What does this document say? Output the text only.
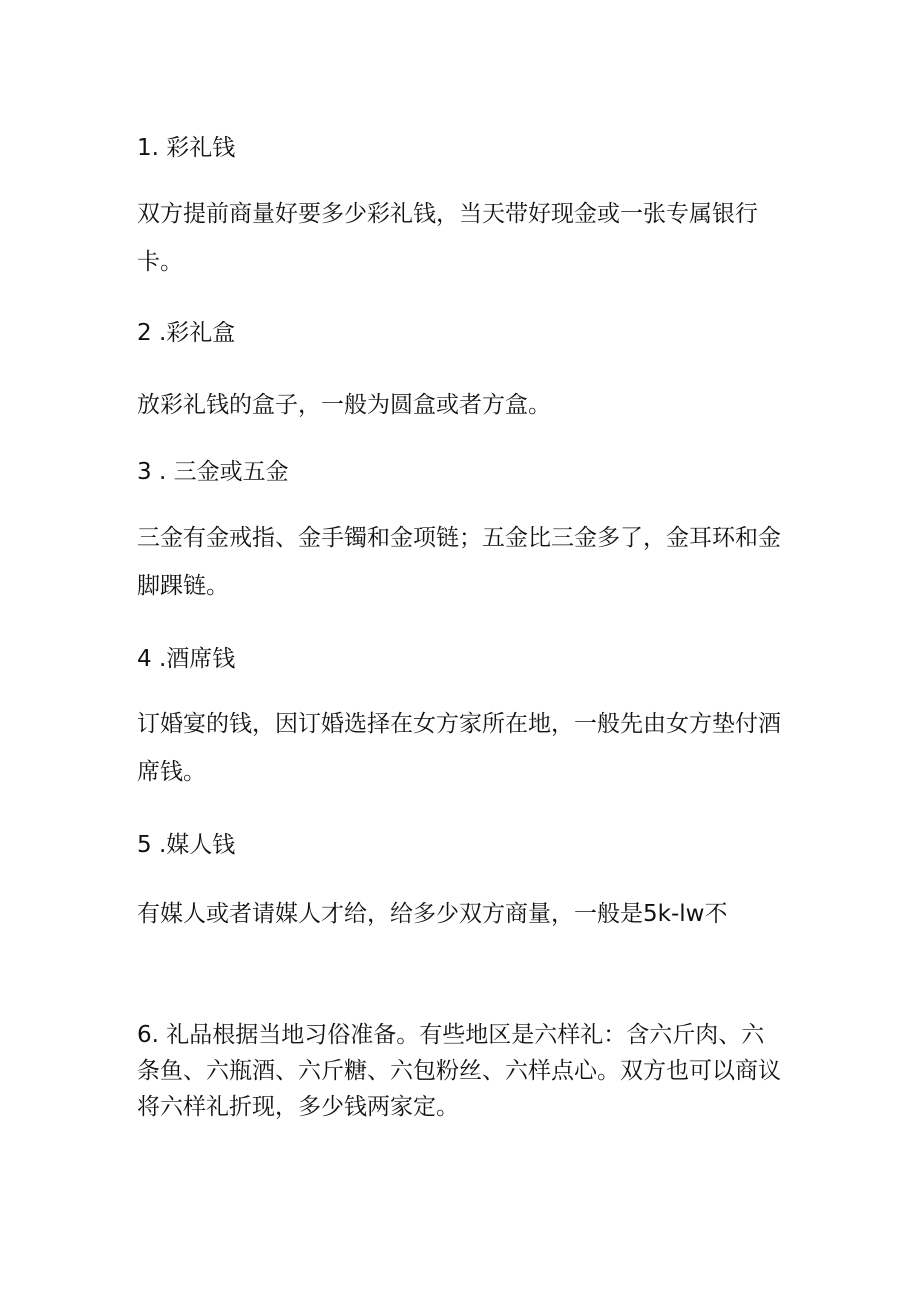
1. 彩礼钱

双方提前商量好要多少彩礼钱，当天带好现金或一张专属银行卡。

2 .彩礼盒

放彩礼钱的盒子，一般为圆盒或者方盒。

3 . 三金或五金

三金有金戒指、金手镯和金项链；五金比三金多了，金耳环和金脚踝链。

4 .酒席钱

订婚宴的钱，因订婚选择在女方家所在地，一般先由女方垫付酒席钱。

5 .媒人钱

有媒人或者请媒人才给，给多少双方商量，一般是5k-lw不

6. 礼品根据当地习俗准备。有些地区是六样礼：含六斤肉、六条鱼、六瓶酒、六斤糖、六包粉丝、六样点心。双方也可以商议将六样礼折现，多少钱两家定。
